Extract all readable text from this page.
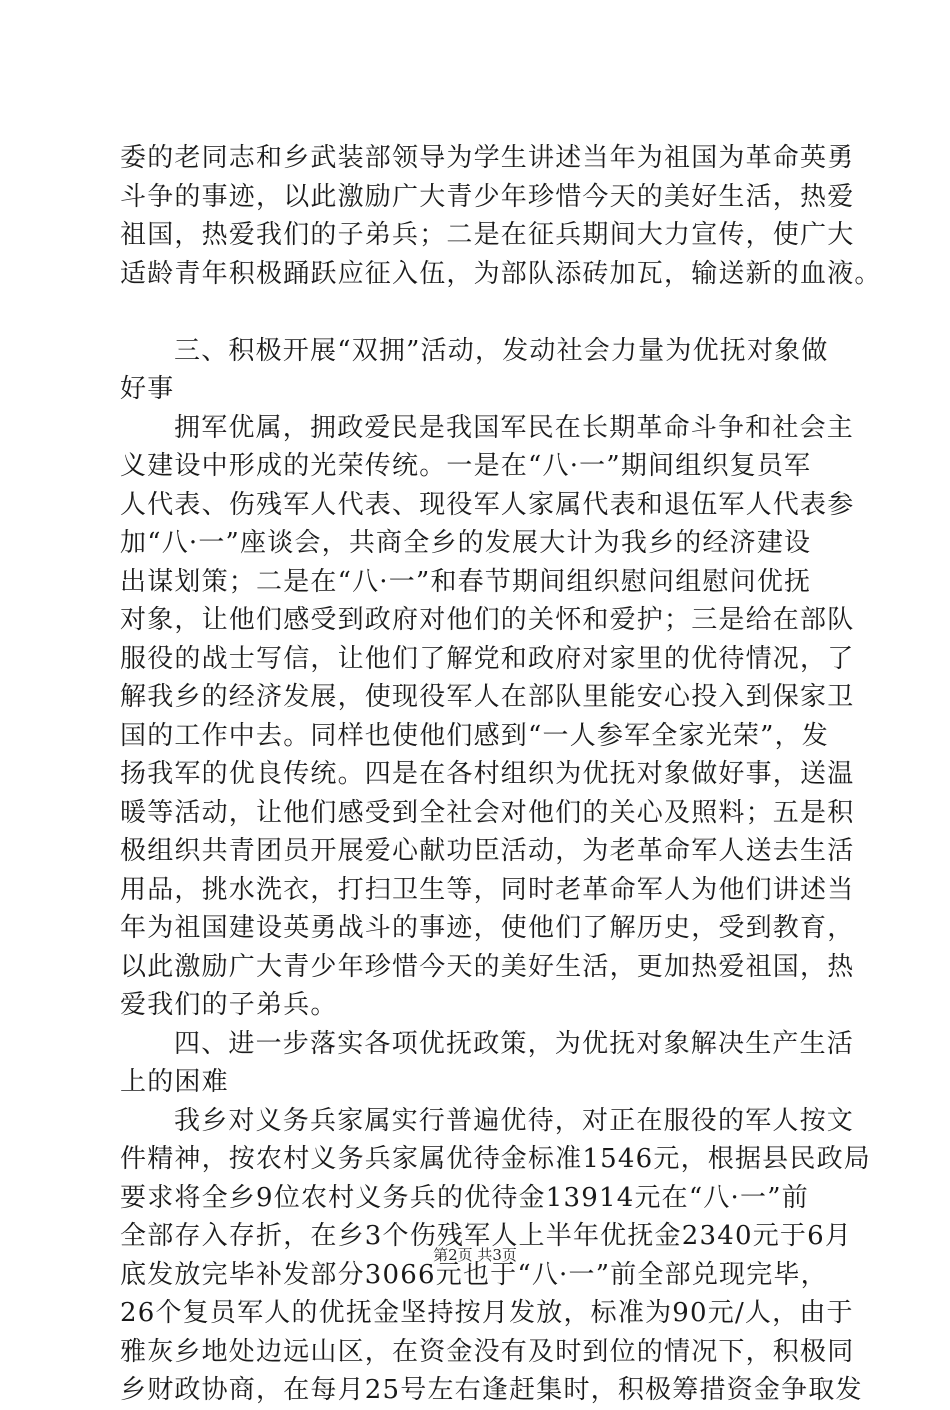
委的老同志和乡武装部领导为学生讲述当年为祖国为革命英勇
斗争的事迹，以此激励广大青少年珍惜今天的美好生活，热爱
祖国，热爱我们的子弟兵；二是在征兵期间大力宣传，使广大
适龄青年积极踊跃应征入伍，为部队添砖加瓦，输送新的血液。
三、积极开展“双拥”活动，发动社会力量为优抚对象做
好事
拥军优属，拥政爱民是我国军民在长期革命斗争和社会主
义建设中形成的光荣传统。一是在“八·一”期间组织复员军
人代表、伤残军人代表、现役军人家属代表和退伍军人代表参
加“八·一”座谈会，共商全乡的发展大计为我乡的经济建设
出谋划策；二是在“八·一”和春节期间组织慰问组慰问优抚
对象，让他们感受到政府对他们的关怀和爱护；三是给在部队
服役的战士写信，让他们了解党和政府对家里的优待情况，了
解我乡的经济发展，使现役军人在部队里能安心投入到保家卫
国的工作中去。同样也使他们感到“一人参军全家光荣”，发
扬我军的优良传统。四是在各村组织为优抚对象做好事，送温
暖等活动，让他们感受到全社会对他们的关心及照料；五是积
极组织共青团员开展爱心献功臣活动，为老革命军人送去生活
用品，挑水洗衣，打扫卫生等，同时老革命军人为他们讲述当
年为祖国建设英勇战斗的事迹，使他们了解历史，受到教育，
以此激励广大青少年珍惜今天的美好生活，更加热爱祖国，热
爱我们的子弟兵。
四、进一步落实各项优抚政策，为优抚对象解决生产生活
上的困难
我乡对义务兵家属实行普遍优待，对正在服役的军人按文
件精神，按农村义务兵家属优待金标准1546元，根据县民政局
要求将全乡9位农村义务兵的优待金13914元在“八·一”前
全部存入存折，在乡3个伤残军人上半年优抚金2340元于6月
底发放完毕补发部分3066元也于“八·一”前全部兑现完毕，
26个复员军人的优抚金坚持按月发放，标准为90元/人，由于
雅灰乡地处边远山区，在资金没有及时到位的情况下，积极同
乡财政协商，在每月25号左右逢赶集时，积极筹措资金争取发
第2页 共3页
